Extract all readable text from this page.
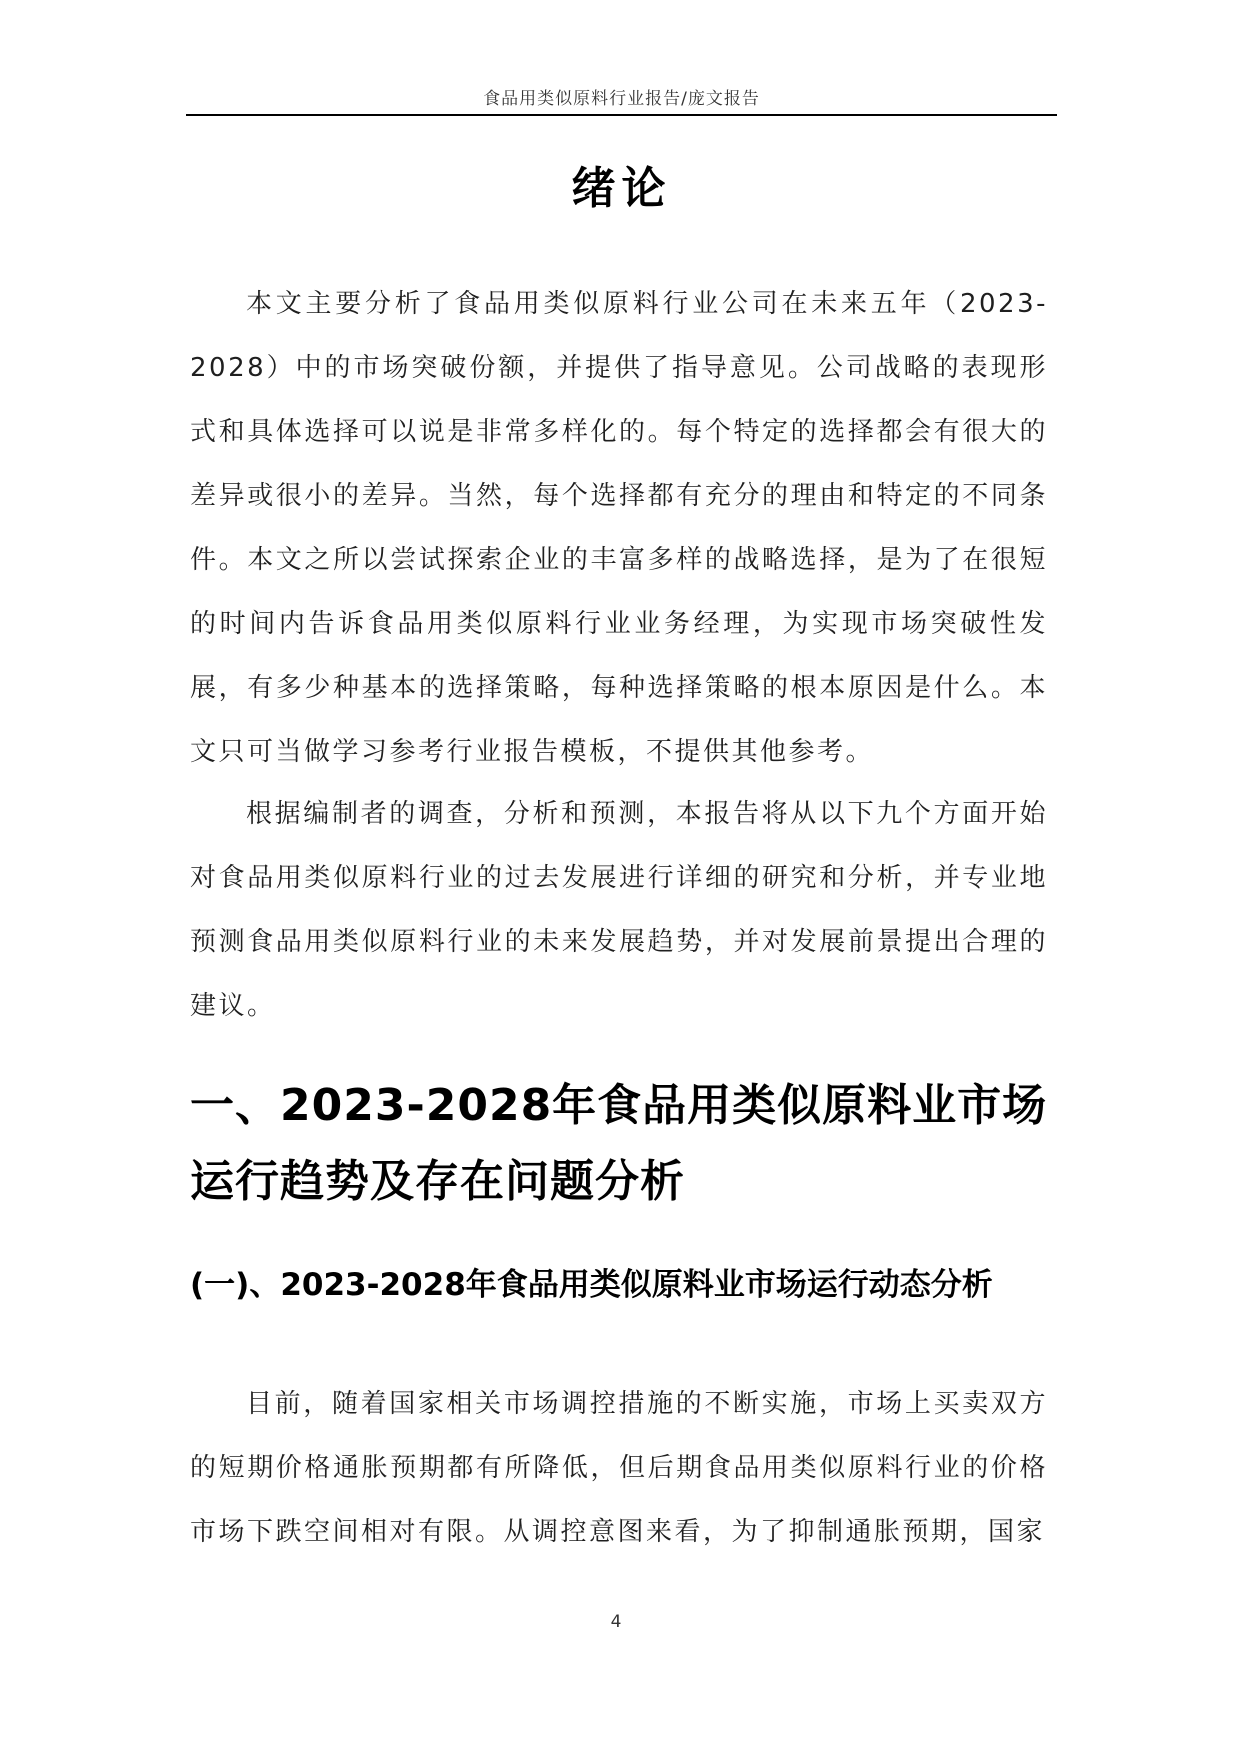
食品用类似原料行业报告/庞文报告
绪论

本文主要分析了食品用类似原料行业公司在未来五年（2023-2028）中的市场突破份额，并提供了指导意见。公司战略的表现形式和具体选择可以说是非常多样化的。每个特定的选择都会有很大的差异或很小的差异。当然，每个选择都有充分的理由和特定的不同条件。本文之所以尝试探索企业的丰富多样的战略选择，是为了在很短的时间内告诉食品用类似原料行业业务经理，为实现市场突破性发展，有多少种基本的选择策略，每种选择策略的根本原因是什么。本文只可当做学习参考行业报告模板，不提供其他参考。

根据编制者的调查，分析和预测，本报告将从以下九个方面开始对食品用类似原料行业的过去发展进行详细的研究和分析，并专业地预测食品用类似原料行业的未来发展趋势，并对发展前景提出合理的建议。

一、2023-2028年食品用类似原料业市场运行趋势及存在问题分析
(一)、2023-2028年食品用类似原料业市场运行动态分析

目前，随着国家相关市场调控措施的不断实施，市场上买卖双方的短期价格通胀预期都有所降低，但后期食品用类似原料行业的价格市场下跌空间相对有限。从调控意图来看，为了抑制通胀预期，国家

4
